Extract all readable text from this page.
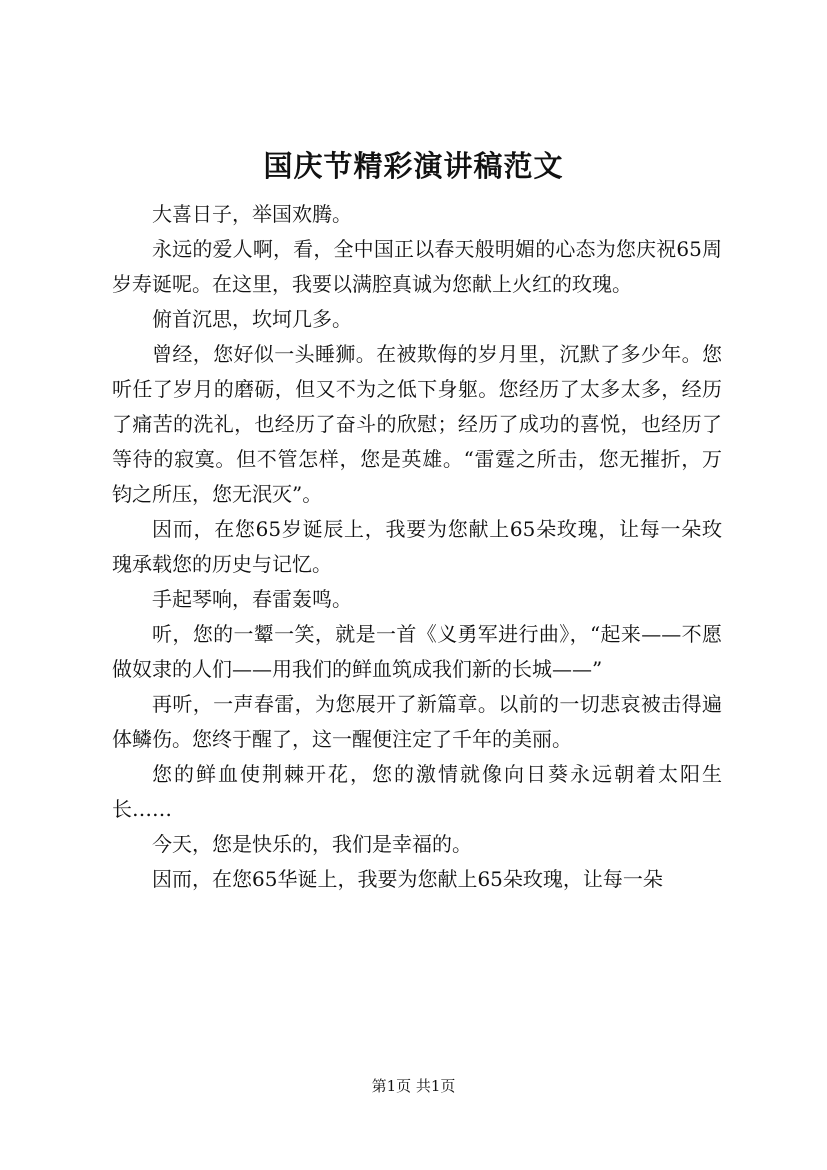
国庆节精彩演讲稿范文

大喜日子，举国欢腾。

永远的爱人啊，看，全中国正以春天般明媚的心态为您庆祝65周岁寿诞呢。在这里，我要以满腔真诚为您献上火红的玫瑰。

俯首沉思，坎坷几多。

曾经，您好似一头睡狮。在被欺侮的岁月里，沉默了多少年。您听任了岁月的磨砺，但又不为之低下身躯。您经历了太多太多，经历了痛苦的洗礼，也经历了奋斗的欣慰；经历了成功的喜悦，也经历了等待的寂寞。但不管怎样，您是英雄。“雷霆之所击，您无摧折，万钧之所压，您无泯灭”。

因而，在您65岁诞辰上，我要为您献上65朵玫瑰，让每一朵玫瑰承载您的历史与记忆。

手起琴响，春雷轰鸣。

听，您的一颦一笑，就是一首《义勇军进行曲》，“起来——不愿做奴隶的人们——用我们的鲜血筑成我们新的长城——”

再听，一声春雷，为您展开了新篇章。以前的一切悲哀被击得遍体鳞伤。您终于醒了，这一醒便注定了千年的美丽。

您的鲜血使荆棘开花，您的激情就像向日葵永远朝着太阳生长……

今天，您是快乐的，我们是幸福的。

因而，在您65华诞上，我要为您献上65朵玫瑰，让每一朵

第1页 共1页
